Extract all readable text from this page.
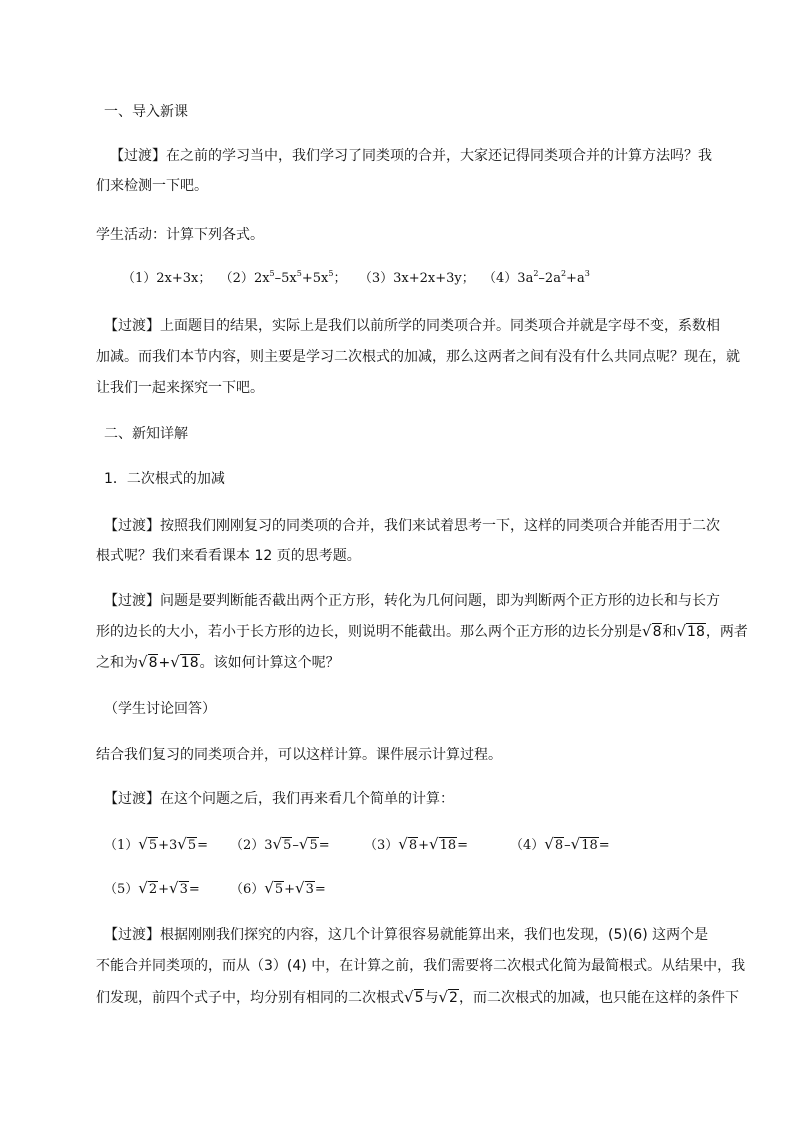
一、导入新课
【过渡】在之前的学习当中，我们学习了同类项的合并，大家还记得同类项合并的计算方法吗？我
们来检测一下吧。
学生活动：计算下列各式。
（1）2x+3x； $(2)2x^5-5x^5+5x^5$； （3）3x+2x+3y； $(4)3a^2-2a^2+a^3$
【过渡】上面题目的结果，实际上是我们以前所学的同类项合并。同类项合并就是字母不变，系数相
加减。而我们本节内容，则主要是学习二次根式的加减，那么这两者之间有没有什么共同点呢？现在，就
让我们一起来探究一下吧。
二、新知详解
1．二次根式的加减
【过渡】按照我们刚刚复习的同类项的合并，我们来试着思考一下，这样的同类项合并能否用于二次
根式呢？我们来看看课本 12 页的思考题。
【过渡】问题是要判断能否截出两个正方形，转化为几何问题，即为判断两个正方形的边长和与长方
形的边长的大小，若小于长方形的边长，则说明不能截出。那么两个正方形的边长分别是√8和√18，两者
之和为√8+√18。该如何计算这个呢？
（学生讨论回答）
结合我们复习的同类项合并，可以这样计算。课件展示计算过程。
【过渡】在这个问题之后，我们再来看几个简单的计算：
（1）√5+3√5= （2）3√5–√5=	（3）√8+√18=	（4）√8–√18=
（5）√2+√3= （6）√5+√3=
【过渡】根据刚刚我们探究的内容，这几个计算很容易就能算出来，我们也发现，(5)(6) 这两个是
不能合并同类项的，而从（3）(4) 中，在计算之前，我们需要将二次根式化简为最简根式。从结果中，我
们发现，前四个式子中，均分别有相同的二次根式√5与√2，而二次根式的加减，也只能在这样的条件下
